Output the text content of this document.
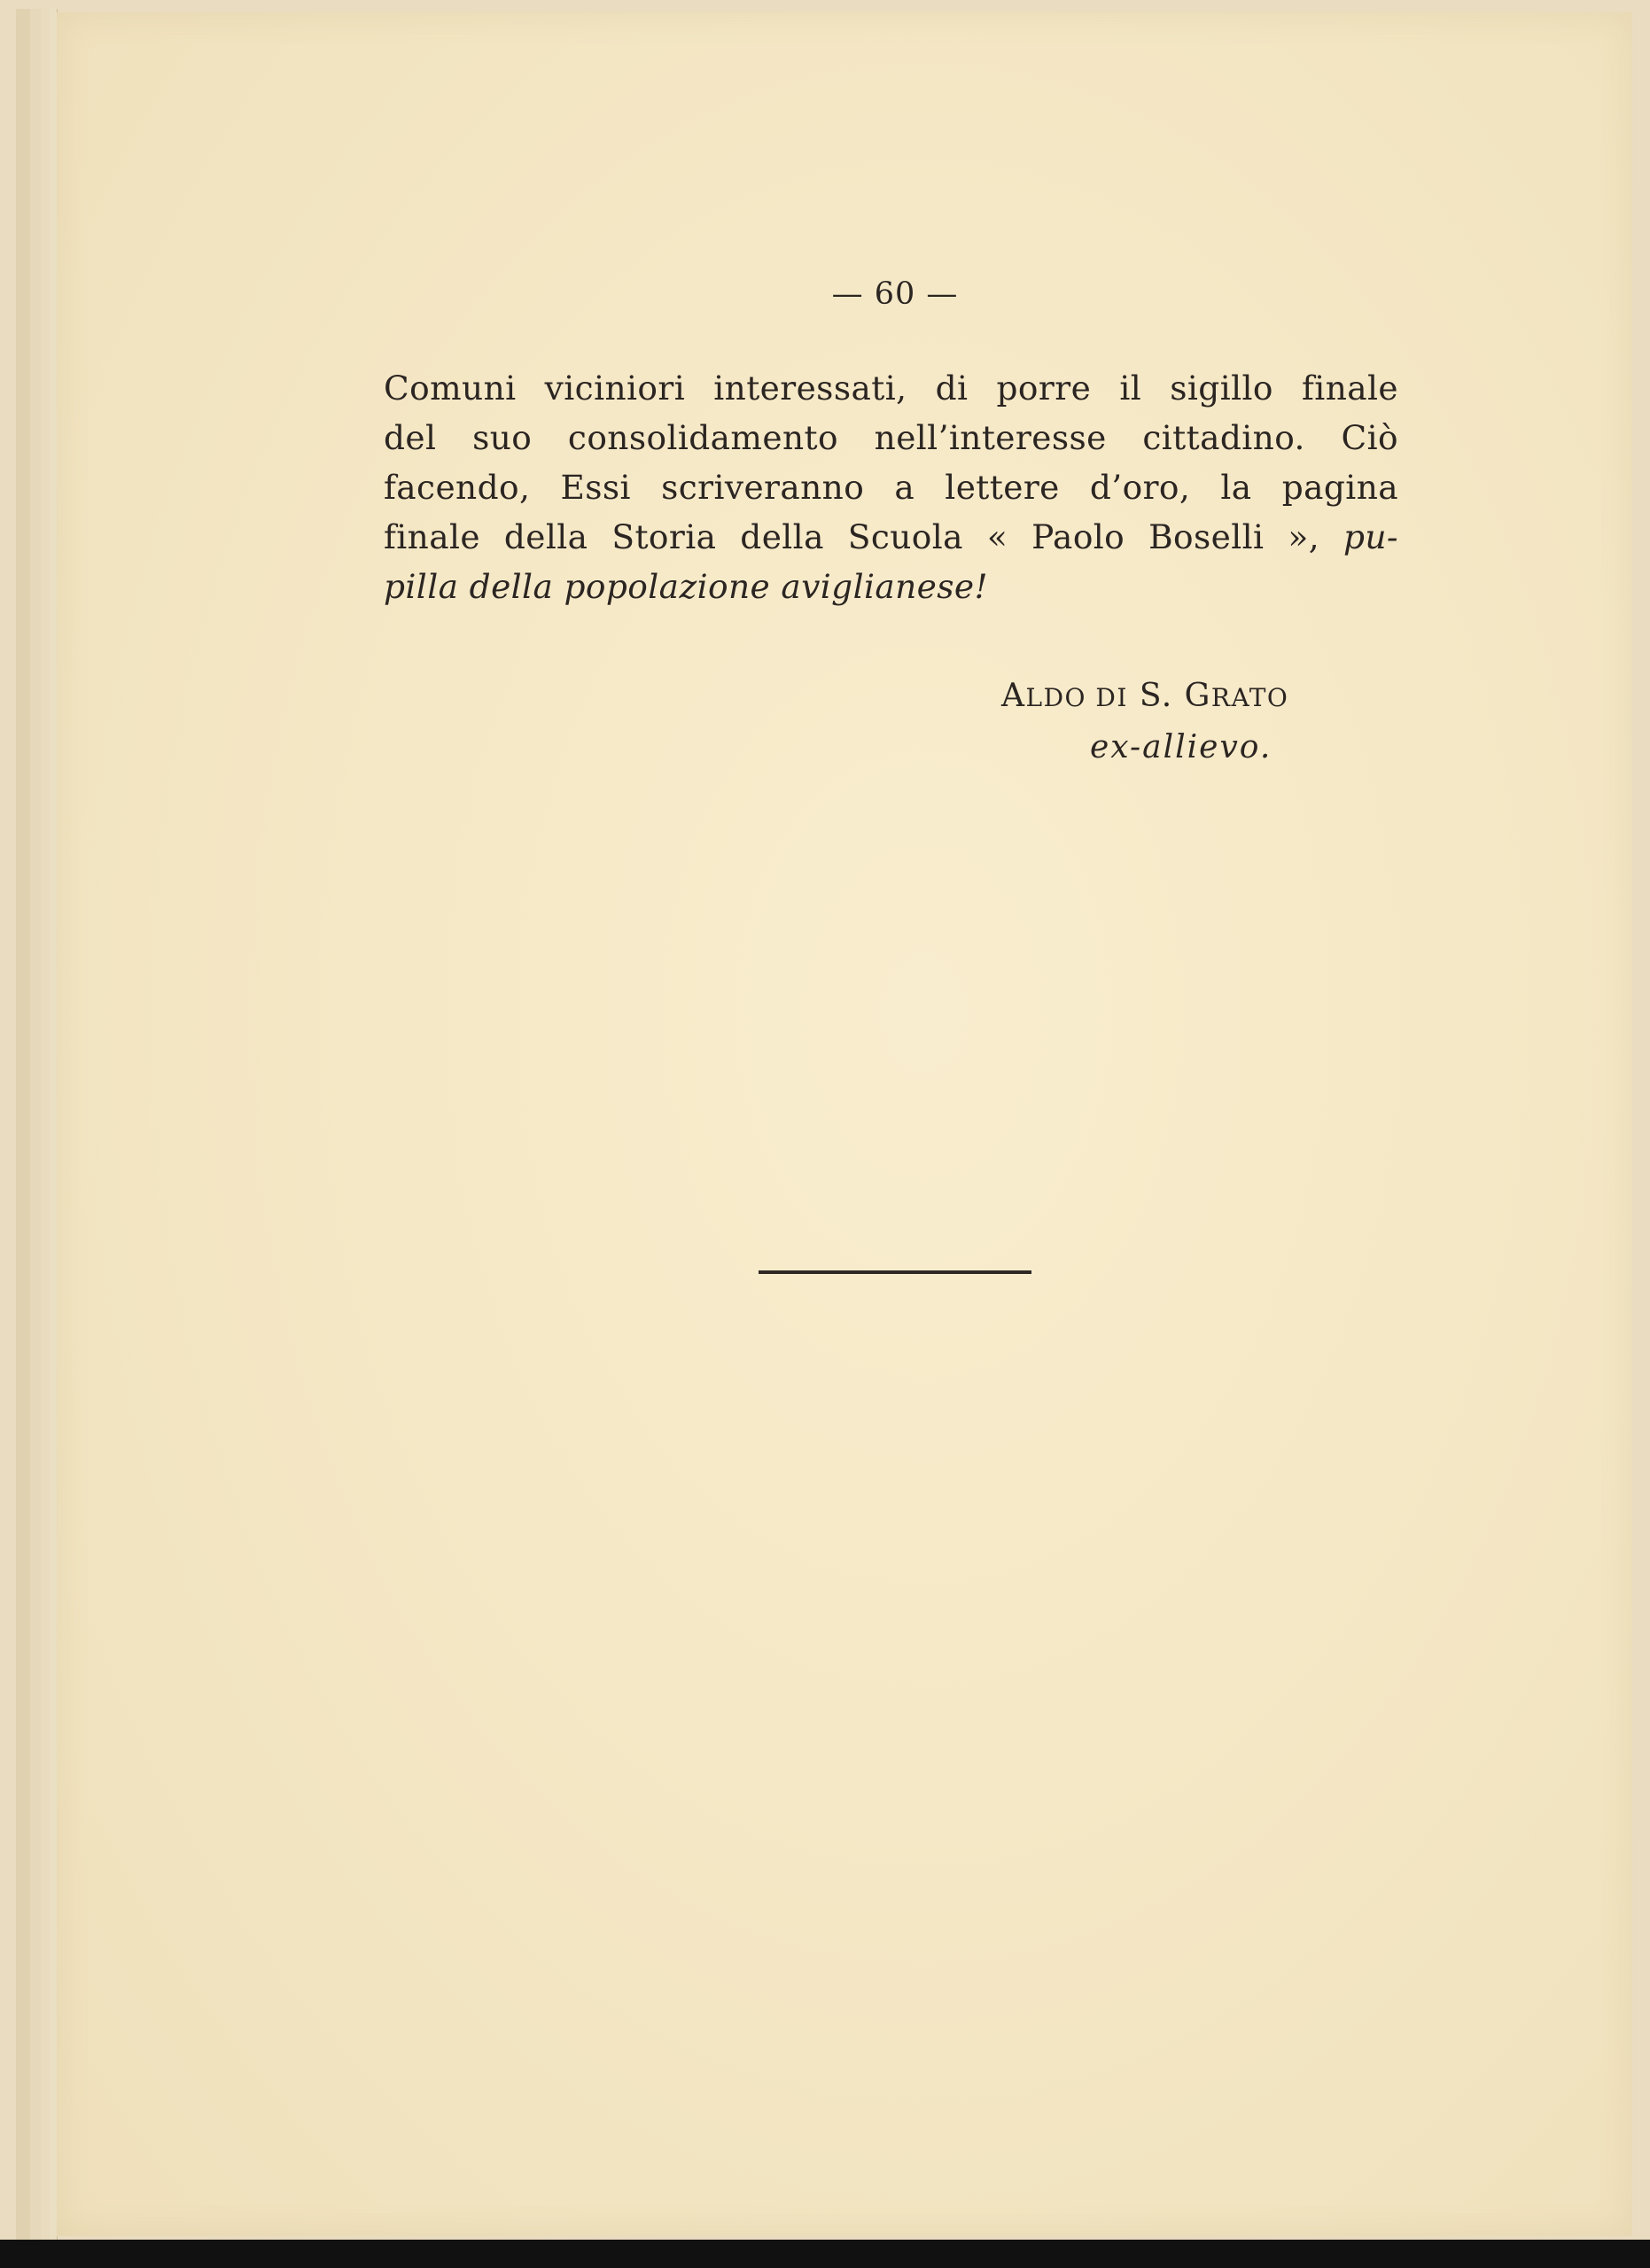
— 60 —
Comuni viciniori interessati, di porre il sigillo finale
del suo consolidamento nell’interesse cittadino. Ciò
facendo, Essi scriveranno a lettere d’oro, la pagina
finale della Storia della Scuola « Paolo Boselli », pu-
pilla della popolazione aviglianese!
ALDO DI S. GRATO
ex-allievo.
